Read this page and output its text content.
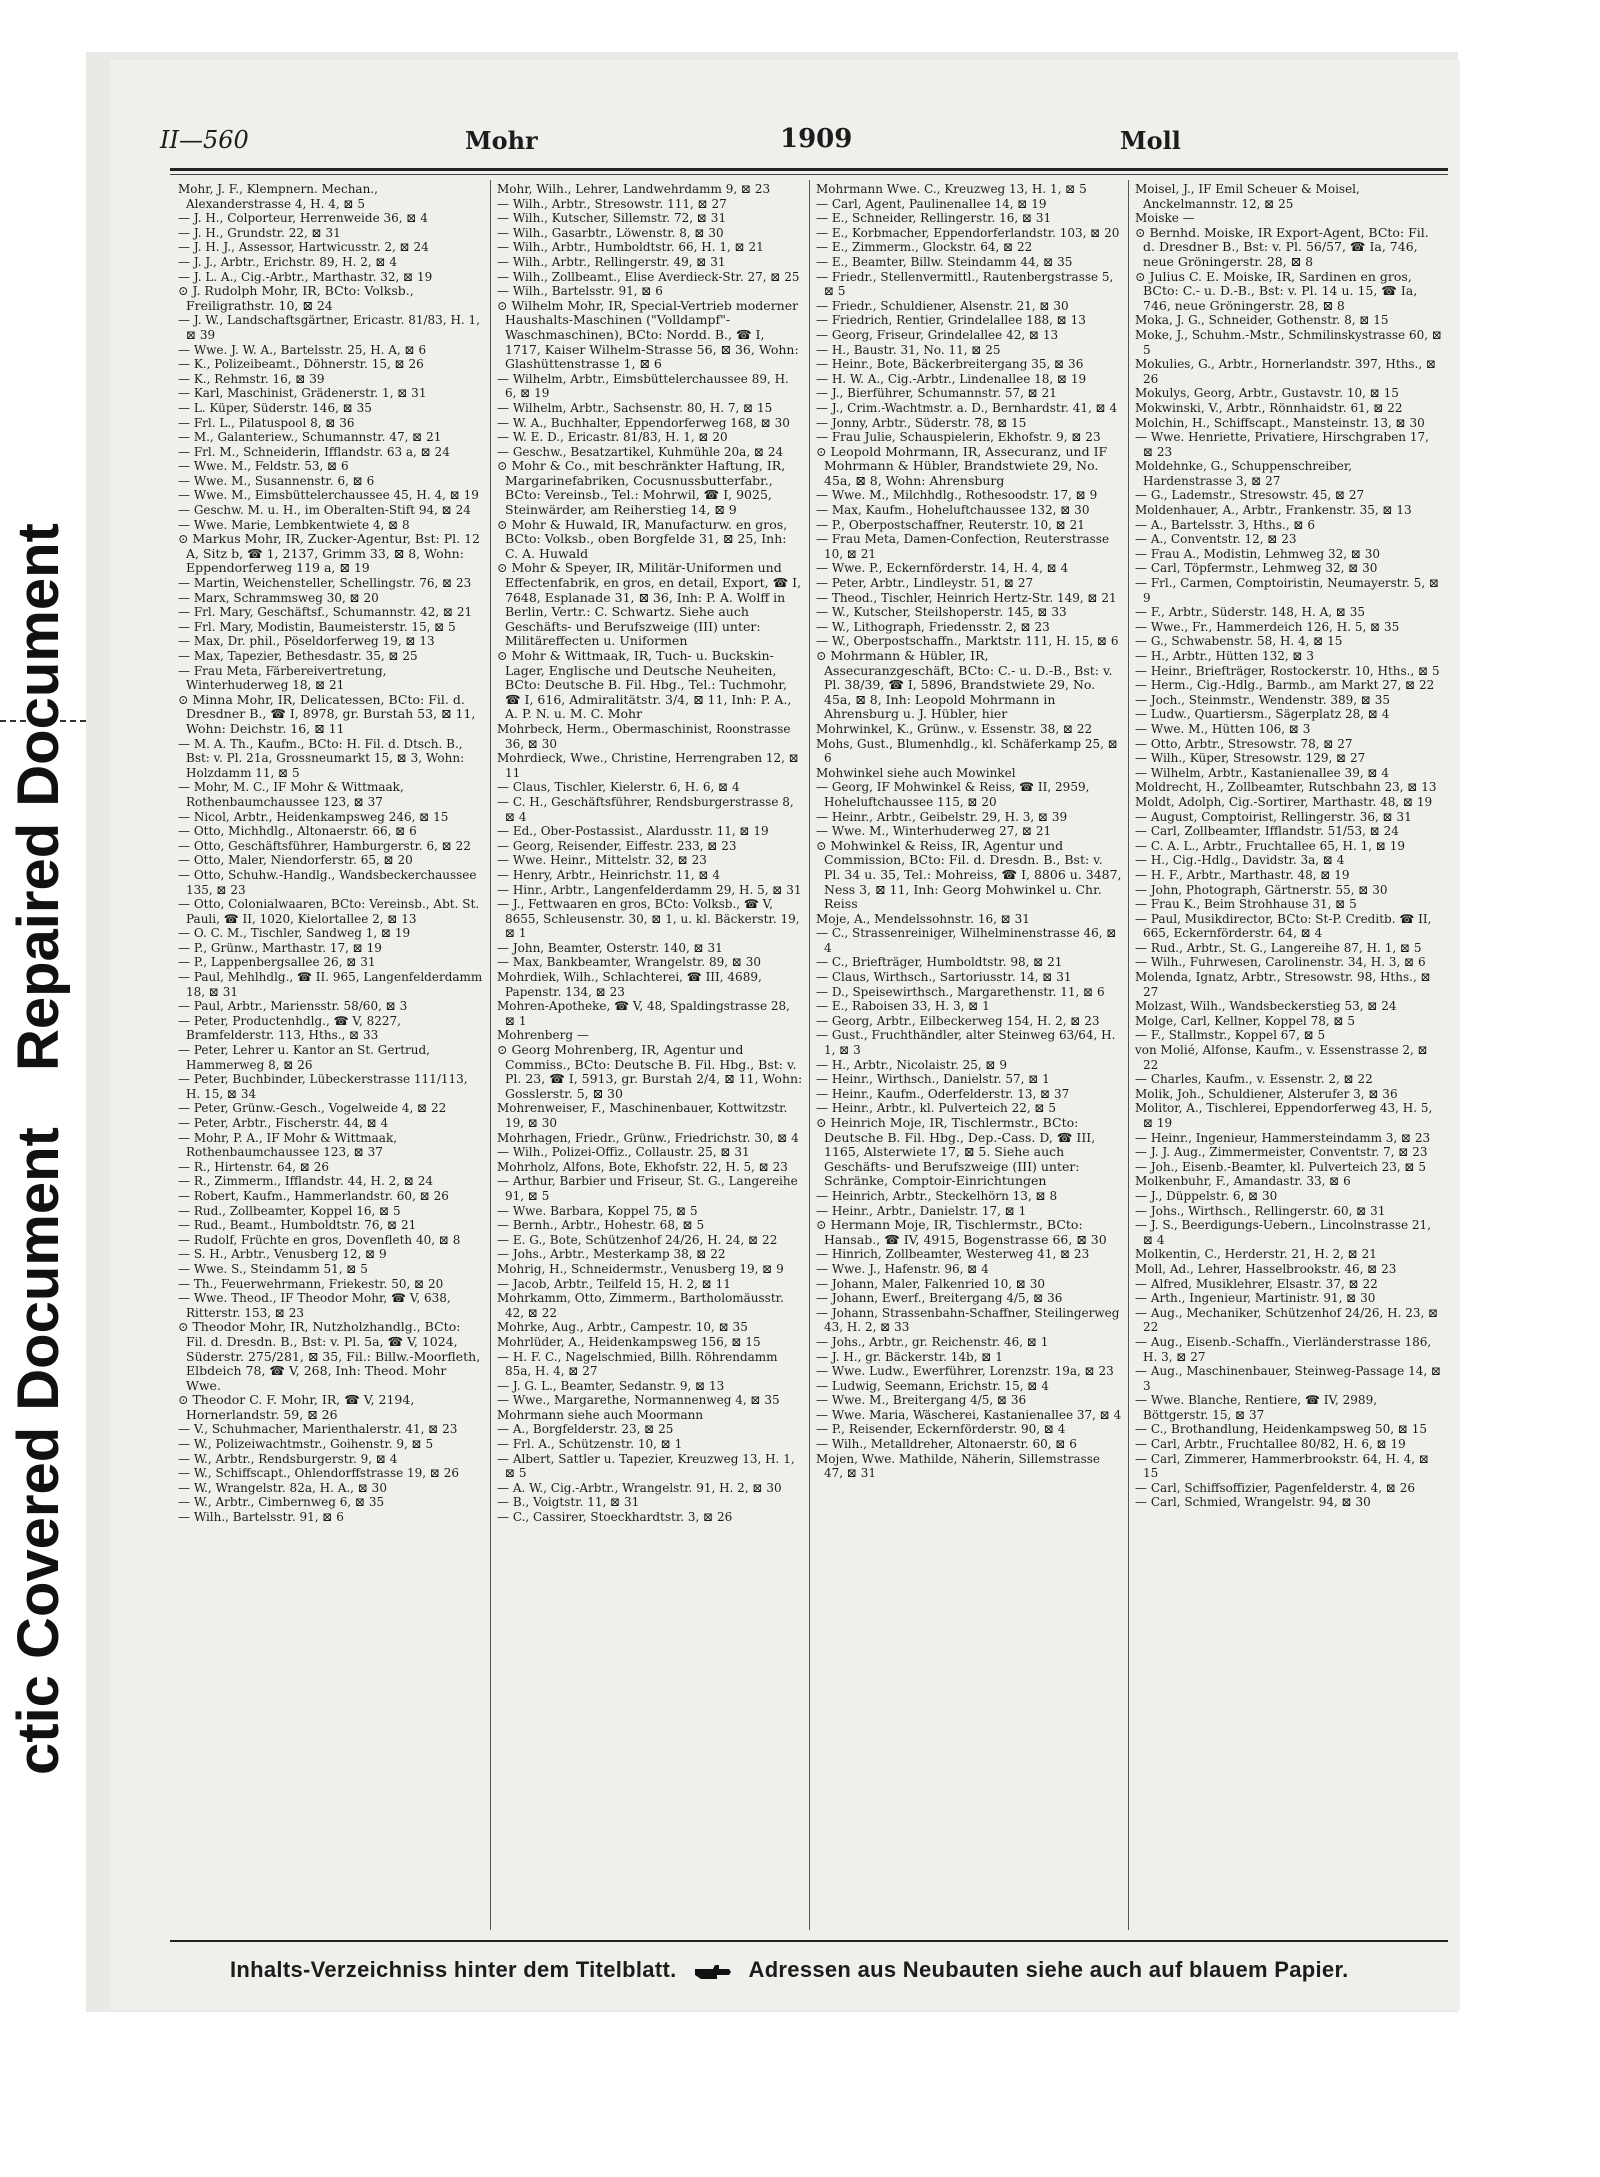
ctic Covered Document Repaired Document
II—560	Mohr	1909	Moll
Mohr, J. F., Klempnern. Mechan., Alexanderstrasse 4, H. 4, ⊠ 5
— J. H., Colporteur, Herrenweide 36, ⊠ 4
— J. H., Grundstr. 22, ⊠ 31
— J. H. J., Assessor, Hartwicusstr. 2, ⊠ 24
— J. J., Arbtr., Erichstr. 89, H. 2, ⊠ 4
— J. L. A., Cig.-Arbtr., Marthastr. 32, ⊠ 19
⊙ J. Rudolph Mohr, IR, BCto: Volksb., Freiligrathstr. 10, ⊠ 24
— J. W., Landschaftsgärtner, Ericastr. 81/83, H. 1, ⊠ 39
— Wwe. J. W. A., Bartelsstr. 25, H. A, ⊠ 6
— K., Polizeibeamt., Döhnerstr. 15, ⊠ 26
— K., Rehmstr. 16, ⊠ 39
— Karl, Maschinist, Grädenerstr. 1, ⊠ 31
— L. Küper, Süderstr. 146, ⊠ 35
— Frl. L., Pilatuspool 8, ⊠ 36
— M., Galanteriew., Schumannstr. 47, ⊠ 21
— Frl. M., Schneiderin, Ifflandstr. 63 a, ⊠ 24
— Wwe. M., Feldstr. 53, ⊠ 6
— Wwe. M., Susannenstr. 6, ⊠ 6
— Wwe. M., Eimsbüttelerchaussee 45, H. 4, ⊠ 19
— Geschw. M. u. H., im Oberalten-Stift 94, ⊠ 24
— Wwe. Marie, Lembkentwiete 4, ⊠ 8
⊙ Markus Mohr, IR, Zucker-Agentur, Bst: Pl. 12 A, Sitz b, ☎ 1, 2137, Grimm 33, ⊠ 8, Wohn: Eppendorferweg 119 a, ⊠ 19
— Martin, Weichensteller, Schellingstr. 76, ⊠ 23
— Marx, Schrammsweg 30, ⊠ 20
— Frl. Mary, Geschäftsf., Schumannstr. 42, ⊠ 21
— Frl. Mary, Modistin, Baumeisterstr. 15, ⊠ 5
— Max, Dr. phil., Pöseldorferweg 19, ⊠ 13
— Max, Tapezier, Bethesdastr. 35, ⊠ 25
— Frau Meta, Färbereivertretung, Winterhuderweg 18, ⊠ 21
⊙ Minna Mohr, IR, Delicatessen, BCto: Fil. d. Dresdner B., ☎ I, 8978, gr. Burstah 53, ⊠ 11, Wohn: Deichstr. 16, ⊠ 11
— M. A. Th., Kaufm., BCto: H. Fil. d. Dtsch. B., Bst: v. Pl. 21a, Grossneumarkt 15, ⊠ 3, Wohn: Holzdamm 11, ⊠ 5
— Mohr, M. C., IF Mohr & Wittmaak, Rothenbaumchaussee 123, ⊠ 37
— Nicol, Arbtr., Heidenkampsweg 246, ⊠ 15
— Otto, Michhdlg., Altonaerstr. 66, ⊠ 6
— Otto, Geschäftsführer, Hamburgerstr. 6, ⊠ 22
— Otto, Maler, Niendorferstr. 65, ⊠ 20
— Otto, Schuhw.-Handlg., Wandsbeckerchaussee 135, ⊠ 23
— Otto, Colonialwaaren, BCto: Vereinsb., Abt. St. Pauli, ☎ II, 1020, Kielortallee 2, ⊠ 13
— O. C. M., Tischler, Sandweg 1, ⊠ 19
— P., Grünw., Marthastr. 17, ⊠ 19
— P., Lappenbergsallee 26, ⊠ 31
— Paul, Mehlhdlg., ☎ II. 965, Langenfelderdamm 18, ⊠ 31
— Paul, Arbtr., Mariensstr. 58/60, ⊠ 3
— Peter, Productenhdlg., ☎ V, 8227, Bramfelderstr. 113, Hths., ⊠ 33
— Peter, Lehrer u. Kantor an St. Gertrud, Hammerweg 8, ⊠ 26
— Peter, Buchbinder, Lübeckerstrasse 111/113, H. 15, ⊠ 34
— Peter, Grünw.-Gesch., Vogelweide 4, ⊠ 22
— Peter, Arbtr., Fischerstr. 44, ⊠ 4
— Mohr, P. A., IF Mohr & Wittmaak, Rothenbaumchaussee 123, ⊠ 37
— R., Hirtenstr. 64, ⊠ 26
— R., Zimmerm., Ifflandstr. 44, H. 2, ⊠ 24
— Robert, Kaufm., Hammerlandstr. 60, ⊠ 26
— Rud., Zollbeamter, Koppel 16, ⊠ 5
— Rud., Beamt., Humboldtstr. 76, ⊠ 21
— Rudolf, Früchte en gros, Dovenfleth 40, ⊠ 8
— S. H., Arbtr., Venusberg 12, ⊠ 9
— Wwe. S., Steindamm 51, ⊠ 5
— Th., Feuerwehrmann, Friekestr. 50, ⊠ 20
— Wwe. Theod., IF Theodor Mohr, ☎ V, 638, Ritterstr. 153, ⊠ 23
⊙ Theodor Mohr, IR, Nutzholzhandlg., BCto: Fil. d. Dresdn. B., Bst: v. Pl. 5a, ☎ V, 1024, Süderstr. 275/281, ⊠ 35, Fil.: Billw.-Moorfleth, Elbdeich 78, ☎ V, 268, Inh: Theod. Mohr Wwe.
⊙ Theodor C. F. Mohr, IR, ☎ V, 2194, Hornerlandstr. 59, ⊠ 26
— V., Schuhmacher, Marienthalerstr. 41, ⊠ 23
— W., Polizeiwachtmstr., Goihenstr. 9, ⊠ 5
— W., Arbtr., Rendsburgerstr. 9, ⊠ 4
— W., Schiffscapt., Ohlendorffstrasse 19, ⊠ 26
— W., Wrangelstr. 82a, H. A., ⊠ 30
— W., Arbtr., Cimbernweg 6, ⊠ 35
— Wilh., Bartelsstr. 91, ⊠ 6
Mohr, Wilh., Lehrer, Landwehrdamm 9, ⊠ 23
— Wilh., Arbtr., Stresowstr. 111, ⊠ 27
— Wilh., Kutscher, Sillemstr. 72, ⊠ 31
— Wilh., Gasarbtr., Löwenstr. 8, ⊠ 30
— Wilh., Arbtr., Humboldtstr. 66, H. 1, ⊠ 21
— Wilh., Arbtr., Rellingerstr. 49, ⊠ 31
— Wilh., Zollbeamt., Elise Averdieck-Str. 27, ⊠ 25
— Wilh., Bartelsstr. 91, ⊠ 6
⊙ Wilhelm Mohr, IR, Special-Vertrieb moderner Haushalts-Maschinen ("Volldampf"-Waschmaschinen), BCto: Nordd. B., ☎ I, 1717, Kaiser Wilhelm-Strasse 56, ⊠ 36, Wohn: Glashüttenstrasse 1, ⊠ 6
— Wilhelm, Arbtr., Eimsbüttelerchaussee 89, H. 6, ⊠ 19
— Wilhelm, Arbtr., Sachsenstr. 80, H. 7, ⊠ 15
— W. A., Buchhalter, Eppendorferweg 168, ⊠ 30
— W. E. D., Ericastr. 81/83, H. 1, ⊠ 20
— Geschw., Besatzartikel, Kuhmühle 20a, ⊠ 24
⊙ Mohr & Co., mit beschränkter Haftung, IR, Margarinefabriken, Cocusnussbutterfabr., BCto: Vereinsb., Tel.: Mohrwil, ☎ I, 9025, Steinwärder, am Reiherstieg 14, ⊠ 9
⊙ Mohr & Huwald, IR, Manufacturw. en gros, BCto: Volksb., oben Borgfelde 31, ⊠ 25, Inh: C. A. Huwald
⊙ Mohr & Speyer, IR, Militär-Uniformen und Effectenfabrik, en gros, en detail, Export, ☎ I, 7648, Esplanade 31, ⊠ 36, Inh: P. A. Wolff in Berlin, Vertr.: C. Schwartz. Siehe auch Geschäfts- und Berufszweige (III) unter: Militäreffecten u. Uniformen
⊙ Mohr & Wittmaak, IR, Tuch- u. Buckskin-Lager, Englische und Deutsche Neuheiten, BCto: Deutsche B. Fil. Hbg., Tel.: Tuchmohr, ☎ I, 616, Admiralitätstr. 3/4, ⊠ 11, Inh: P. A., A. P. N. u. M. C. Mohr
Mohrbeck, Herm., Obermaschinist, Roonstrasse 36, ⊠ 30
Mohrdieck, Wwe., Christine, Herrengraben 12, ⊠ 11
— Claus, Tischler, Kielerstr. 6, H. 6, ⊠ 4
— C. H., Geschäftsführer, Rendsburgerstrasse 8, ⊠ 4
— Ed., Ober-Postassist., Alardusstr. 11, ⊠ 19
— Georg, Reisender, Eiffestr. 233, ⊠ 23
— Wwe. Heinr., Mittelstr. 32, ⊠ 23
— Henry, Arbtr., Heinrichstr. 11, ⊠ 4
— Hinr., Arbtr., Langenfelderdamm 29, H. 5, ⊠ 31
— J., Fettwaaren en gros, BCto: Volksb., ☎ V, 8655, Schleusenstr. 30, ⊠ 1, u. kl. Bäckerstr. 19, ⊠ 1
— John, Beamter, Osterstr. 140, ⊠ 31
— Max, Bankbeamter, Wrangelstr. 89, ⊠ 30
Mohrdiek, Wilh., Schlachterei, ☎ III, 4689, Papenstr. 134, ⊠ 23
Mohren-Apotheke, ☎ V, 48, Spaldingstrasse 28, ⊠ 1
Mohrenberg —
⊙ Georg Mohrenberg, IR, Agentur und Commiss., BCto: Deutsche B. Fil. Hbg., Bst: v. Pl. 23, ☎ I, 5913, gr. Burstah 2/4, ⊠ 11, Wohn: Gosslerstr. 5, ⊠ 30
Mohrenweiser, F., Maschinenbauer, Kottwitzstr. 19, ⊠ 30
Mohrhagen, Friedr., Grünw., Friedrichstr. 30, ⊠ 4
— Wilh., Polizei-Offiz., Collaustr. 25, ⊠ 31
Mohrholz, Alfons, Bote, Ekhofstr. 22, H. 5, ⊠ 23
— Arthur, Barbier und Friseur, St. G., Langereihe 91, ⊠ 5
— Wwe. Barbara, Koppel 75, ⊠ 5
— Bernh., Arbtr., Hohestr. 68, ⊠ 5
— E. G., Bote, Schützenhof 24/26, H. 24, ⊠ 22
— Johs., Arbtr., Mesterkamp 38, ⊠ 22
Mohrig, H., Schneidermstr., Venusberg 19, ⊠ 9
— Jacob, Arbtr., Teilfeld 15, H. 2, ⊠ 11
Mohrkamm, Otto, Zimmerm., Bartholomäusstr. 42, ⊠ 22
Mohrke, Aug., Arbtr., Campestr. 10, ⊠ 35
Mohrlüder, A., Heidenkampsweg 156, ⊠ 15
— H. F. C., Nagelschmied, Billh. Röhrendamm 85a, H. 4, ⊠ 27
— J. G. L., Beamter, Sedanstr. 9, ⊠ 13
— Wwe., Margarethe, Normannenweg 4, ⊠ 35
Mohrmann siehe auch Moormann
— A., Borgfelderstr. 23, ⊠ 25
— Frl. A., Schützenstr. 10, ⊠ 1
— Albert, Sattler u. Tapezier, Kreuzweg 13, H. 1, ⊠ 5
— A. W., Cig.-Arbtr., Wrangelstr. 91, H. 2, ⊠ 30
— B., Voigtstr. 11, ⊠ 31
— C., Cassirer, Stoeckhardtstr. 3, ⊠ 26
Mohrmann Wwe. C., Kreuzweg 13, H. 1, ⊠ 5
— Carl, Agent, Paulinenallee 14, ⊠ 19
— E., Schneider, Rellingerstr. 16, ⊠ 31
— E., Korbmacher, Eppendorferlandstr. 103, ⊠ 20
— E., Zimmerm., Glockstr. 64, ⊠ 22
— E., Beamter, Billw. Steindamm 44, ⊠ 35
— Friedr., Stellenvermittl., Rautenbergstrasse 5, ⊠ 5
— Friedr., Schuldiener, Alsenstr. 21, ⊠ 30
— Friedrich, Rentier, Grindelallee 188, ⊠ 13
— Georg, Friseur, Grindelallee 42, ⊠ 13
— H., Baustr. 31, No. 11, ⊠ 25
— Heinr., Bote, Bäckerbreitergang 35, ⊠ 36
— H. W. A., Cig.-Arbtr., Lindenallee 18, ⊠ 19
— J., Bierführer, Schumannstr. 57, ⊠ 21
— J., Crim.-Wachtmstr. a. D., Bernhardstr. 41, ⊠ 4
— Jonny, Arbtr., Süderstr. 78, ⊠ 15
— Frau Julie, Schauspielerin, Ekhofstr. 9, ⊠ 23
⊙ Leopold Mohrmann, IR, Assecuranz, und IF Mohrmann & Hübler, Brandstwiete 29, No. 45a, ⊠ 8, Wohn: Ahrensburg
— Wwe. M., Milchhdlg., Rothesoodstr. 17, ⊠ 9
— Max, Kaufm., Hoheluftchaussee 132, ⊠ 30
— P., Oberpostschaffner, Reuterstr. 10, ⊠ 21
— Frau Meta, Damen-Confection, Reuterstrasse 10, ⊠ 21
— Wwe. P., Eckernförderstr. 14, H. 4, ⊠ 4
— Peter, Arbtr., Lindleystr. 51, ⊠ 27
— Theod., Tischler, Heinrich Hertz-Str. 149, ⊠ 21
— W., Kutscher, Steilshoperstr. 145, ⊠ 33
— W., Lithograph, Friedensstr. 2, ⊠ 23
— W., Oberpostschaffn., Marktstr. 111, H. 15, ⊠ 6
⊙ Mohrmann & Hübler, IR, Assecuranzgeschäft, BCto: C.- u. D.-B., Bst: v. Pl. 38/39, ☎ I, 5896, Brandstwiete 29, No. 45a, ⊠ 8, Inh: Leopold Mohrmann in Ahrensburg u. J. Hübler, hier
Mohrwinkel, K., Grünw., v. Essenstr. 38, ⊠ 22
Mohs, Gust., Blumenhdlg., kl. Schäferkamp 25, ⊠ 6
Mohwinkel siehe auch Mowinkel
— Georg, IF Mohwinkel & Reiss, ☎ II, 2959, Hoheluftchaussee 115, ⊠ 20
— Heinr., Arbtr., Geibelstr. 29, H. 3, ⊠ 39
— Wwe. M., Winterhuderweg 27, ⊠ 21
⊙ Mohwinkel & Reiss, IR, Agentur und Commission, BCto: Fil. d. Dresdn. B., Bst: v. Pl. 34 u. 35, Tel.: Mohreiss, ☎ I, 8806 u. 3487, Ness 3, ⊠ 11, Inh: Georg Mohwinkel u. Chr. Reiss
Moje, A., Mendelssohnstr. 16, ⊠ 31
— C., Strassenreiniger, Wilhelminenstrasse 46, ⊠ 4
— C., Briefträger, Humboldtstr. 98, ⊠ 21
— Claus, Wirthsch., Sartoriusstr. 14, ⊠ 31
— D., Speisewirthsch., Margarethenstr. 11, ⊠ 6
— E., Raboisen 33, H. 3, ⊠ 1
— Georg, Arbtr., Eilbeckerweg 154, H. 2, ⊠ 23
— Gust., Fruchthändler, alter Steinweg 63/64, H. 1, ⊠ 3
— H., Arbtr., Nicolaistr. 25, ⊠ 9
— Heinr., Wirthsch., Danielstr. 57, ⊠ 1
— Heinr., Kaufm., Oderfelderstr. 13, ⊠ 37
— Heinr., Arbtr., kl. Pulverteich 22, ⊠ 5
⊙ Heinrich Moje, IR, Tischlermstr., BCto: Deutsche B. Fil. Hbg., Dep.-Cass. D, ☎ III, 1165, Alsterwiete 17, ⊠ 5. Siehe auch Geschäfts- und Berufszweige (III) unter: Schränke, Comptoir-Einrichtungen
— Heinrich, Arbtr., Steckelhörn 13, ⊠ 8
— Heinr., Arbtr., Danielstr. 17, ⊠ 1
⊙ Hermann Moje, IR, Tischlermstr., BCto: Hansab., ☎ IV, 4915, Bogenstrasse 66, ⊠ 30
— Hinrich, Zollbeamter, Westerweg 41, ⊠ 23
— Wwe. J., Hafenstr. 96, ⊠ 4
— Johann, Maler, Falkenried 10, ⊠ 30
— Johann, Ewerf., Breitergang 4/5, ⊠ 36
— Johann, Strassenbahn-Schaffner, Steilingerweg 43, H. 2, ⊠ 33
— Johs., Arbtr., gr. Reichenstr. 46, ⊠ 1
— J. H., gr. Bäckerstr. 14b, ⊠ 1
— Wwe. Ludw., Ewerführer, Lorenzstr. 19a, ⊠ 23
— Ludwig, Seemann, Erichstr. 15, ⊠ 4
— Wwe. M., Breitergang 4/5, ⊠ 36
— Wwe. Maria, Wäscherei, Kastanienallee 37, ⊠ 4
— P., Reisender, Eckernförderstr. 90, ⊠ 4
— Wilh., Metalldreher, Altonaerstr. 60, ⊠ 6
Mojen, Wwe. Mathilde, Näherin, Sillemstrasse 47, ⊠ 31
Moisel, J., IF Emil Scheuer & Moisel, Anckelmannstr. 12, ⊠ 25
Moiske —
⊙ Bernhd. Moiske, IR Export-Agent, BCto: Fil. d. Dresdner B., Bst: v. Pl. 56/57, ☎ Ia, 746, neue Gröningerstr. 28, ⊠ 8
⊙ Julius C. E. Moiske, IR, Sardinen en gros, BCto: C.- u. D.-B., Bst: v. Pl. 14 u. 15, ☎ Ia, 746, neue Gröningerstr. 28, ⊠ 8
Moka, J. G., Schneider, Gothenstr. 8, ⊠ 15
Moke, J., Schuhm.-Mstr., Schmilinskystrasse 60, ⊠ 5
Mokulies, G., Arbtr., Hornerlandstr. 397, Hths., ⊠ 26
Mokulys, Georg, Arbtr., Gustavstr. 10, ⊠ 15
Mokwinski, V., Arbtr., Rönnhaidstr. 61, ⊠ 22
Molchin, H., Schiffscapt., Mansteinstr. 13, ⊠ 30
— Wwe. Henriette, Privatiere, Hirschgraben 17, ⊠ 23
Moldehnke, G., Schuppenschreiber, Hardenstrasse 3, ⊠ 27
— G., Lademstr., Stresowstr. 45, ⊠ 27
Moldenhauer, A., Arbtr., Frankenstr. 35, ⊠ 13
— A., Bartelsstr. 3, Hths., ⊠ 6
— A., Conventstr. 12, ⊠ 23
— Frau A., Modistin, Lehmweg 32, ⊠ 30
— Carl, Töpfermstr., Lehmweg 32, ⊠ 30
— Frl., Carmen, Comptoiristin, Neumayerstr. 5, ⊠ 9
— F., Arbtr., Süderstr. 148, H. A, ⊠ 35
— Wwe., Fr., Hammerdeich 126, H. 5, ⊠ 35
— G., Schwabenstr. 58, H. 4, ⊠ 15
— H., Arbtr., Hütten 132, ⊠ 3
— Heinr., Briefträger, Rostockerstr. 10, Hths., ⊠ 5
— Herm., Cig.-Hdlg., Barmb., am Markt 27, ⊠ 22
— Joch., Steinmstr., Wendenstr. 389, ⊠ 35
— Ludw., Quartiersm., Sägerplatz 28, ⊠ 4
— Wwe. M., Hütten 106, ⊠ 3
— Otto, Arbtr., Stresowstr. 78, ⊠ 27
— Wilh., Küper, Stresowstr. 129, ⊠ 27
— Wilhelm, Arbtr., Kastanienallee 39, ⊠ 4
Moldrecht, H., Zollbeamter, Rutschbahn 23, ⊠ 13
Moldt, Adolph, Cig.-Sortirer, Marthastr. 48, ⊠ 19
— August, Comptoirist, Rellingerstr. 36, ⊠ 31
— Carl, Zollbeamter, Ifflandstr. 51/53, ⊠ 24
— C. A. L., Arbtr., Fruchtallee 65, H. 1, ⊠ 19
— H., Cig.-Hdlg., Davidstr. 3a, ⊠ 4
— H. F., Arbtr., Marthastr. 48, ⊠ 19
— John, Photograph, Gärtnerstr. 55, ⊠ 30
— Frau K., Beim Strohhause 31, ⊠ 5
— Paul, Musikdirector, BCto: St-P. Creditb. ☎ II, 665, Eckernförderstr. 64, ⊠ 4
— Rud., Arbtr., St. G., Langereihe 87, H. 1, ⊠ 5
— Wilh., Fuhrwesen, Carolinenstr. 34, H. 3, ⊠ 6
Molenda, Ignatz, Arbtr., Stresowstr. 98, Hths., ⊠ 27
Molzast, Wilh., Wandsbeckerstieg 53, ⊠ 24
Molge, Carl, Kellner, Koppel 78, ⊠ 5
— F., Stallmstr., Koppel 67, ⊠ 5
von Molié, Alfonse, Kaufm., v. Essenstrasse 2, ⊠ 22
— Charles, Kaufm., v. Essenstr. 2, ⊠ 22
Molik, Joh., Schuldiener, Alsterufer 3, ⊠ 36
Molitor, A., Tischlerei, Eppendorferweg 43, H. 5, ⊠ 19
— Heinr., Ingenieur, Hammersteindamm 3, ⊠ 23
— J. J. Aug., Zimmermeister, Conventstr. 7, ⊠ 23
— Joh., Eisenb.-Beamter, kl. Pulverteich 23, ⊠ 5
Molkenbuhr, F., Amandastr. 33, ⊠ 6
— J., Düppelstr. 6, ⊠ 30
— Johs., Wirthsch., Rellingerstr. 60, ⊠ 31
— J. S., Beerdigungs-Uebern., Lincolnstrasse 21, ⊠ 4
Molkentin, C., Herderstr. 21, H. 2, ⊠ 21
Moll, Ad., Lehrer, Hasselbrookstr. 46, ⊠ 23
— Alfred, Musiklehrer, Elsastr. 37, ⊠ 22
— Arth., Ingenieur, Martinistr. 91, ⊠ 30
— Aug., Mechaniker, Schützenhof 24/26, H. 23, ⊠ 22
— Aug., Eisenb.-Schaffn., Vierländerstrasse 186, H. 3, ⊠ 27
— Aug., Maschinenbauer, Steinweg-Passage 14, ⊠ 3
— Wwe. Blanche, Rentiere, ☎ IV, 2989, Böttgerstr. 15, ⊠ 37
— C., Brothandlung, Heidenkampsweg 50, ⊠ 15
— Carl, Arbtr., Fruchtallee 80/82, H. 6, ⊠ 19
— Carl, Zimmerer, Hammerbrookstr. 64, H. 4, ⊠ 15
— Carl, Schiffsoffizier, Pagenfelderstr. 4, ⊠ 26
— Carl, Schmied, Wrangelstr. 94, ⊠ 30
Inhalts-Verzeichniss hinter dem Titelblatt.	Adressen aus Neubauten siehe auch auf blauem Papier.
